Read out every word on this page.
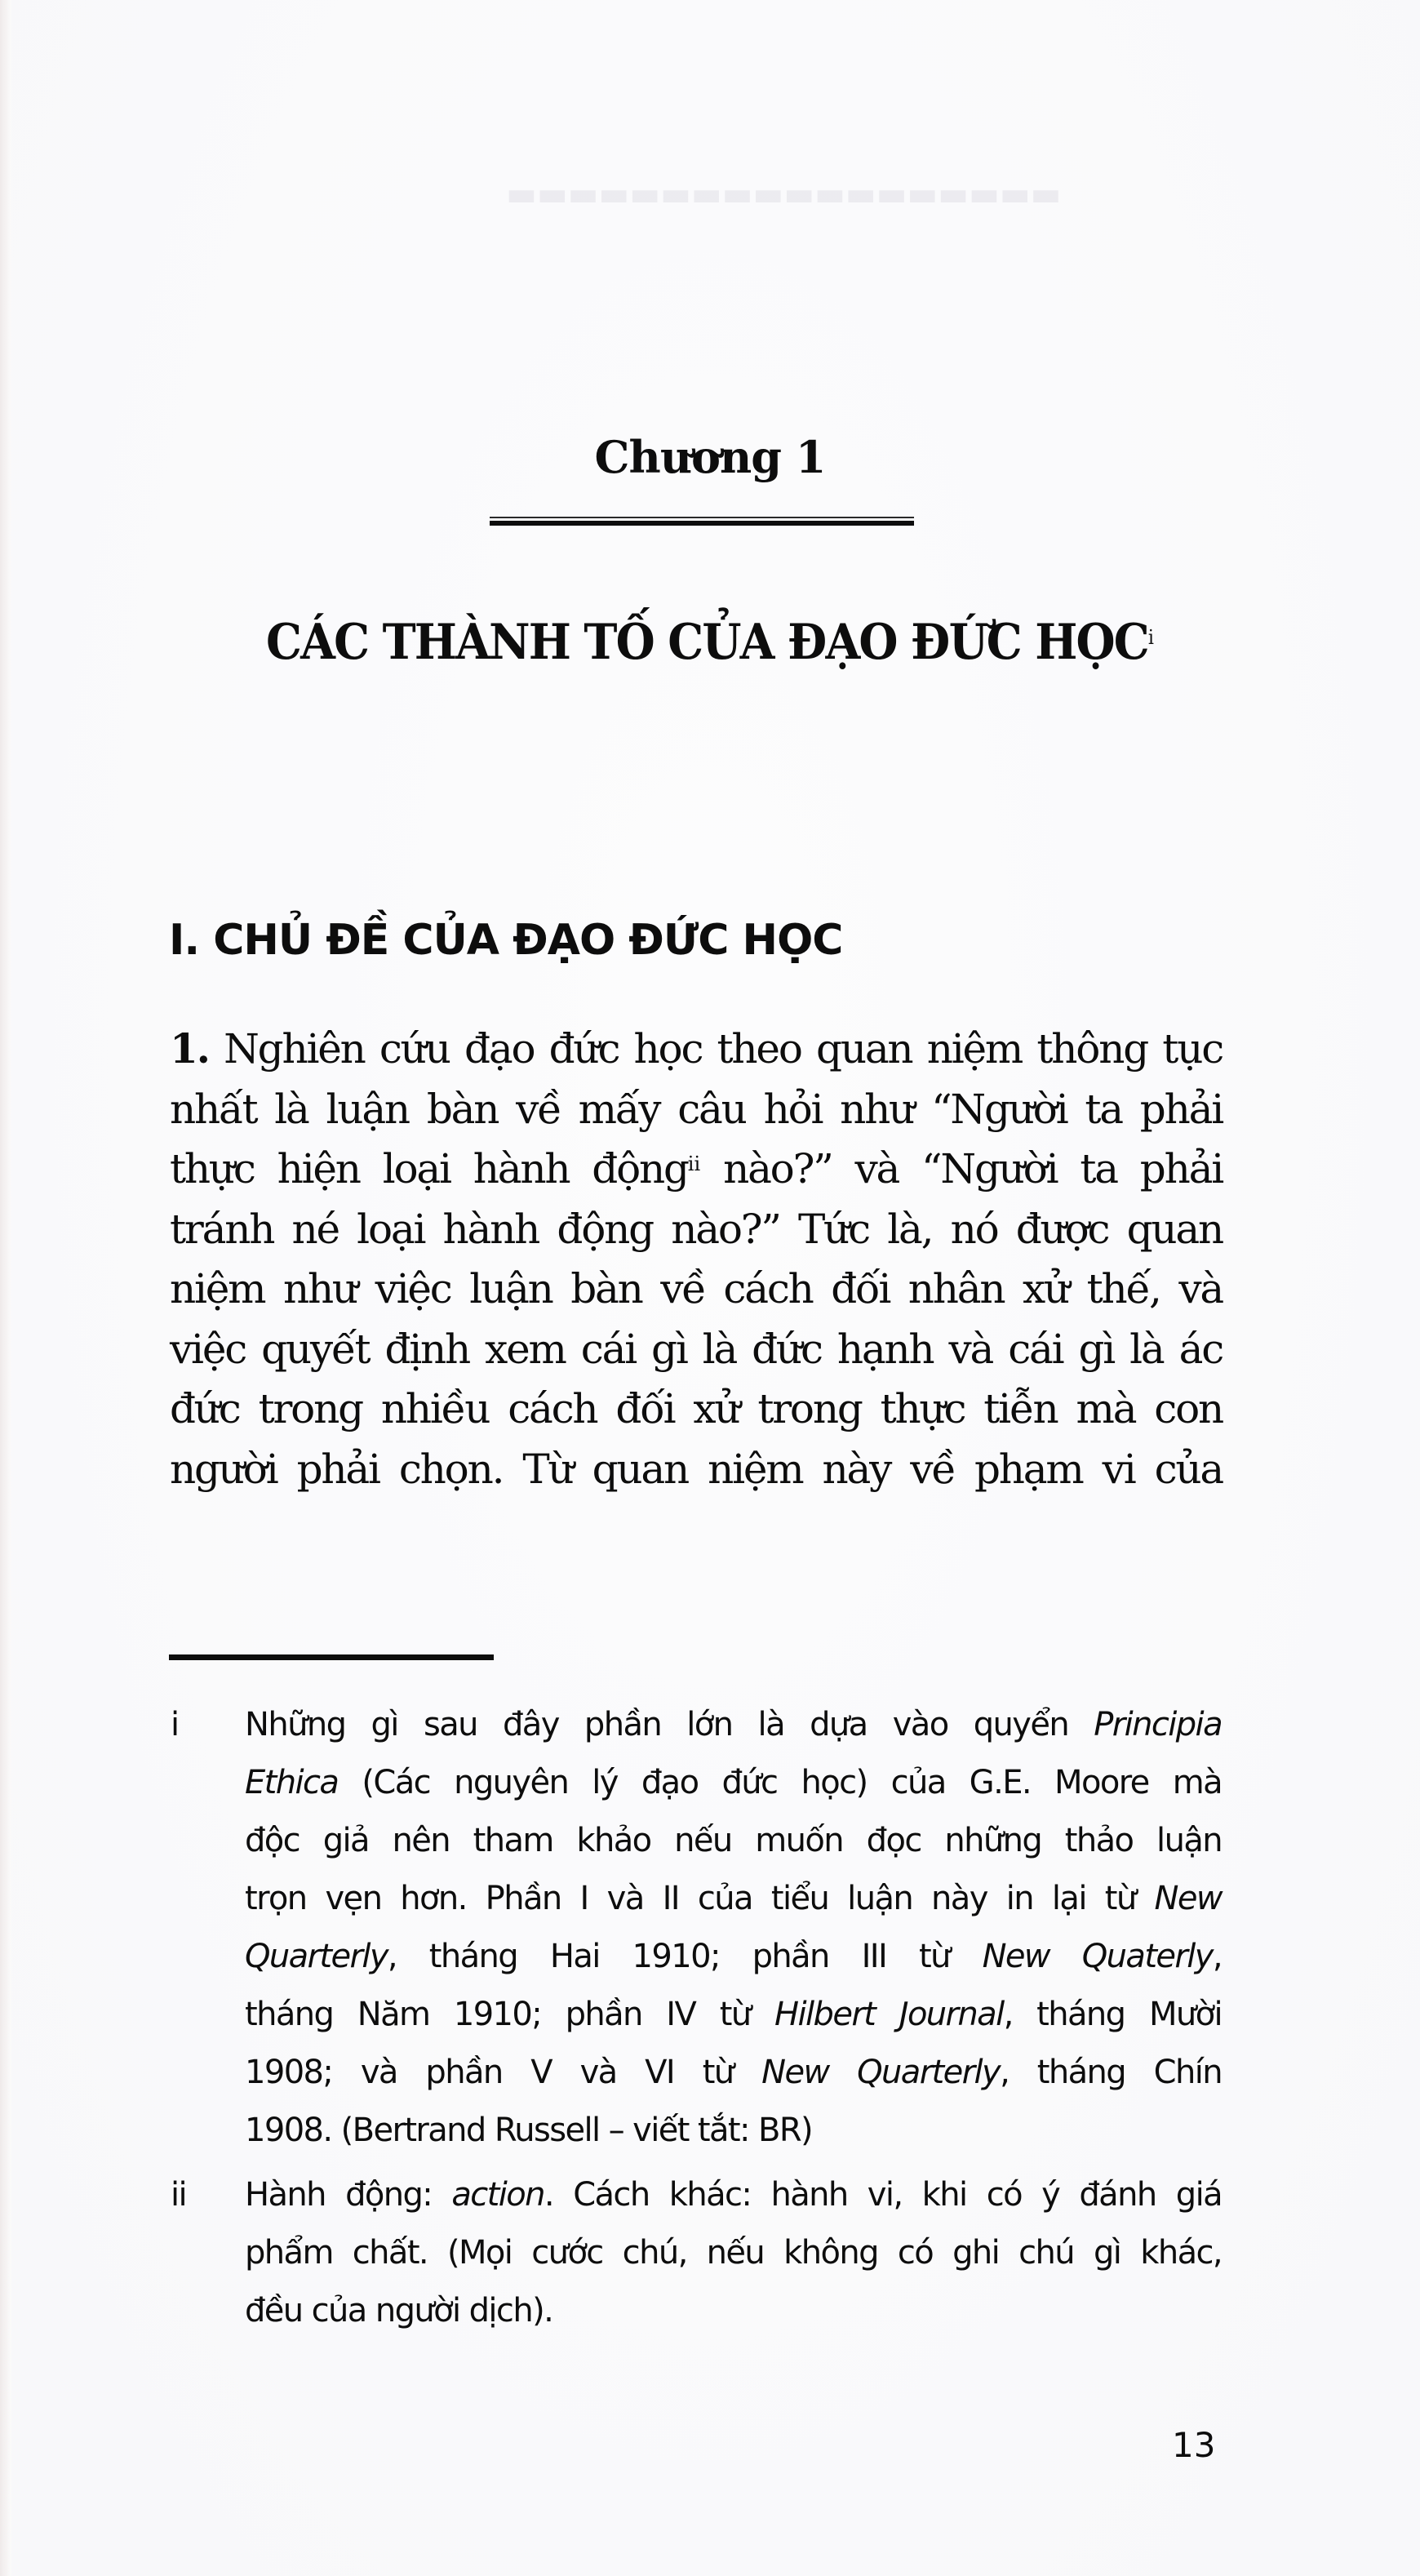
▬▬▬▬▬▬▬▬▬▬▬▬▬▬▬▬▬▬
Chương 1
CÁC THÀNH TỐ CỦA ĐẠO ĐỨC HỌC$^i$
I. CHỦ ĐỀ CỦA ĐẠO ĐỨC HỌC
1. Nghiên cứu đạo đức học theo quan niệm thông tục
nhất là luận bàn về mấy câu hỏi như “Người ta phải
thực hiện loại hành động$^{ii}$ nào?” và “Người ta phải
tránh né loại hành động nào?” Tức là, nó được quan
niệm như việc luận bàn về cách đối nhân xử thế, và
việc quyết định xem cái gì là đức hạnh và cái gì là ác
đức trong nhiều cách đối xử trong thực tiễn mà con
người phải chọn. Từ quan niệm này về phạm vi của
i Những gì sau đây phần lớn là dựa vào quyển Principia
Ethica (Các nguyên lý đạo đức học) của G.E. Moore mà
độc giả nên tham khảo nếu muốn đọc những thảo luận
trọn vẹn hơn. Phần I và II của tiểu luận này in lại từ New
Quarterly, tháng Hai 1910; phần III từ New Quaterly,
tháng Năm 1910; phần IV từ Hilbert Journal, tháng Mười
1908; và phần V và VI từ New Quarterly, tháng Chín
1908. (Bertrand Russell – viết tắt: BR)
ii Hành động: action. Cách khác: hành vi, khi có ý đánh giá
phẩm chất. (Mọi cước chú, nếu không có ghi chú gì khác,
đều của người dịch).
13
